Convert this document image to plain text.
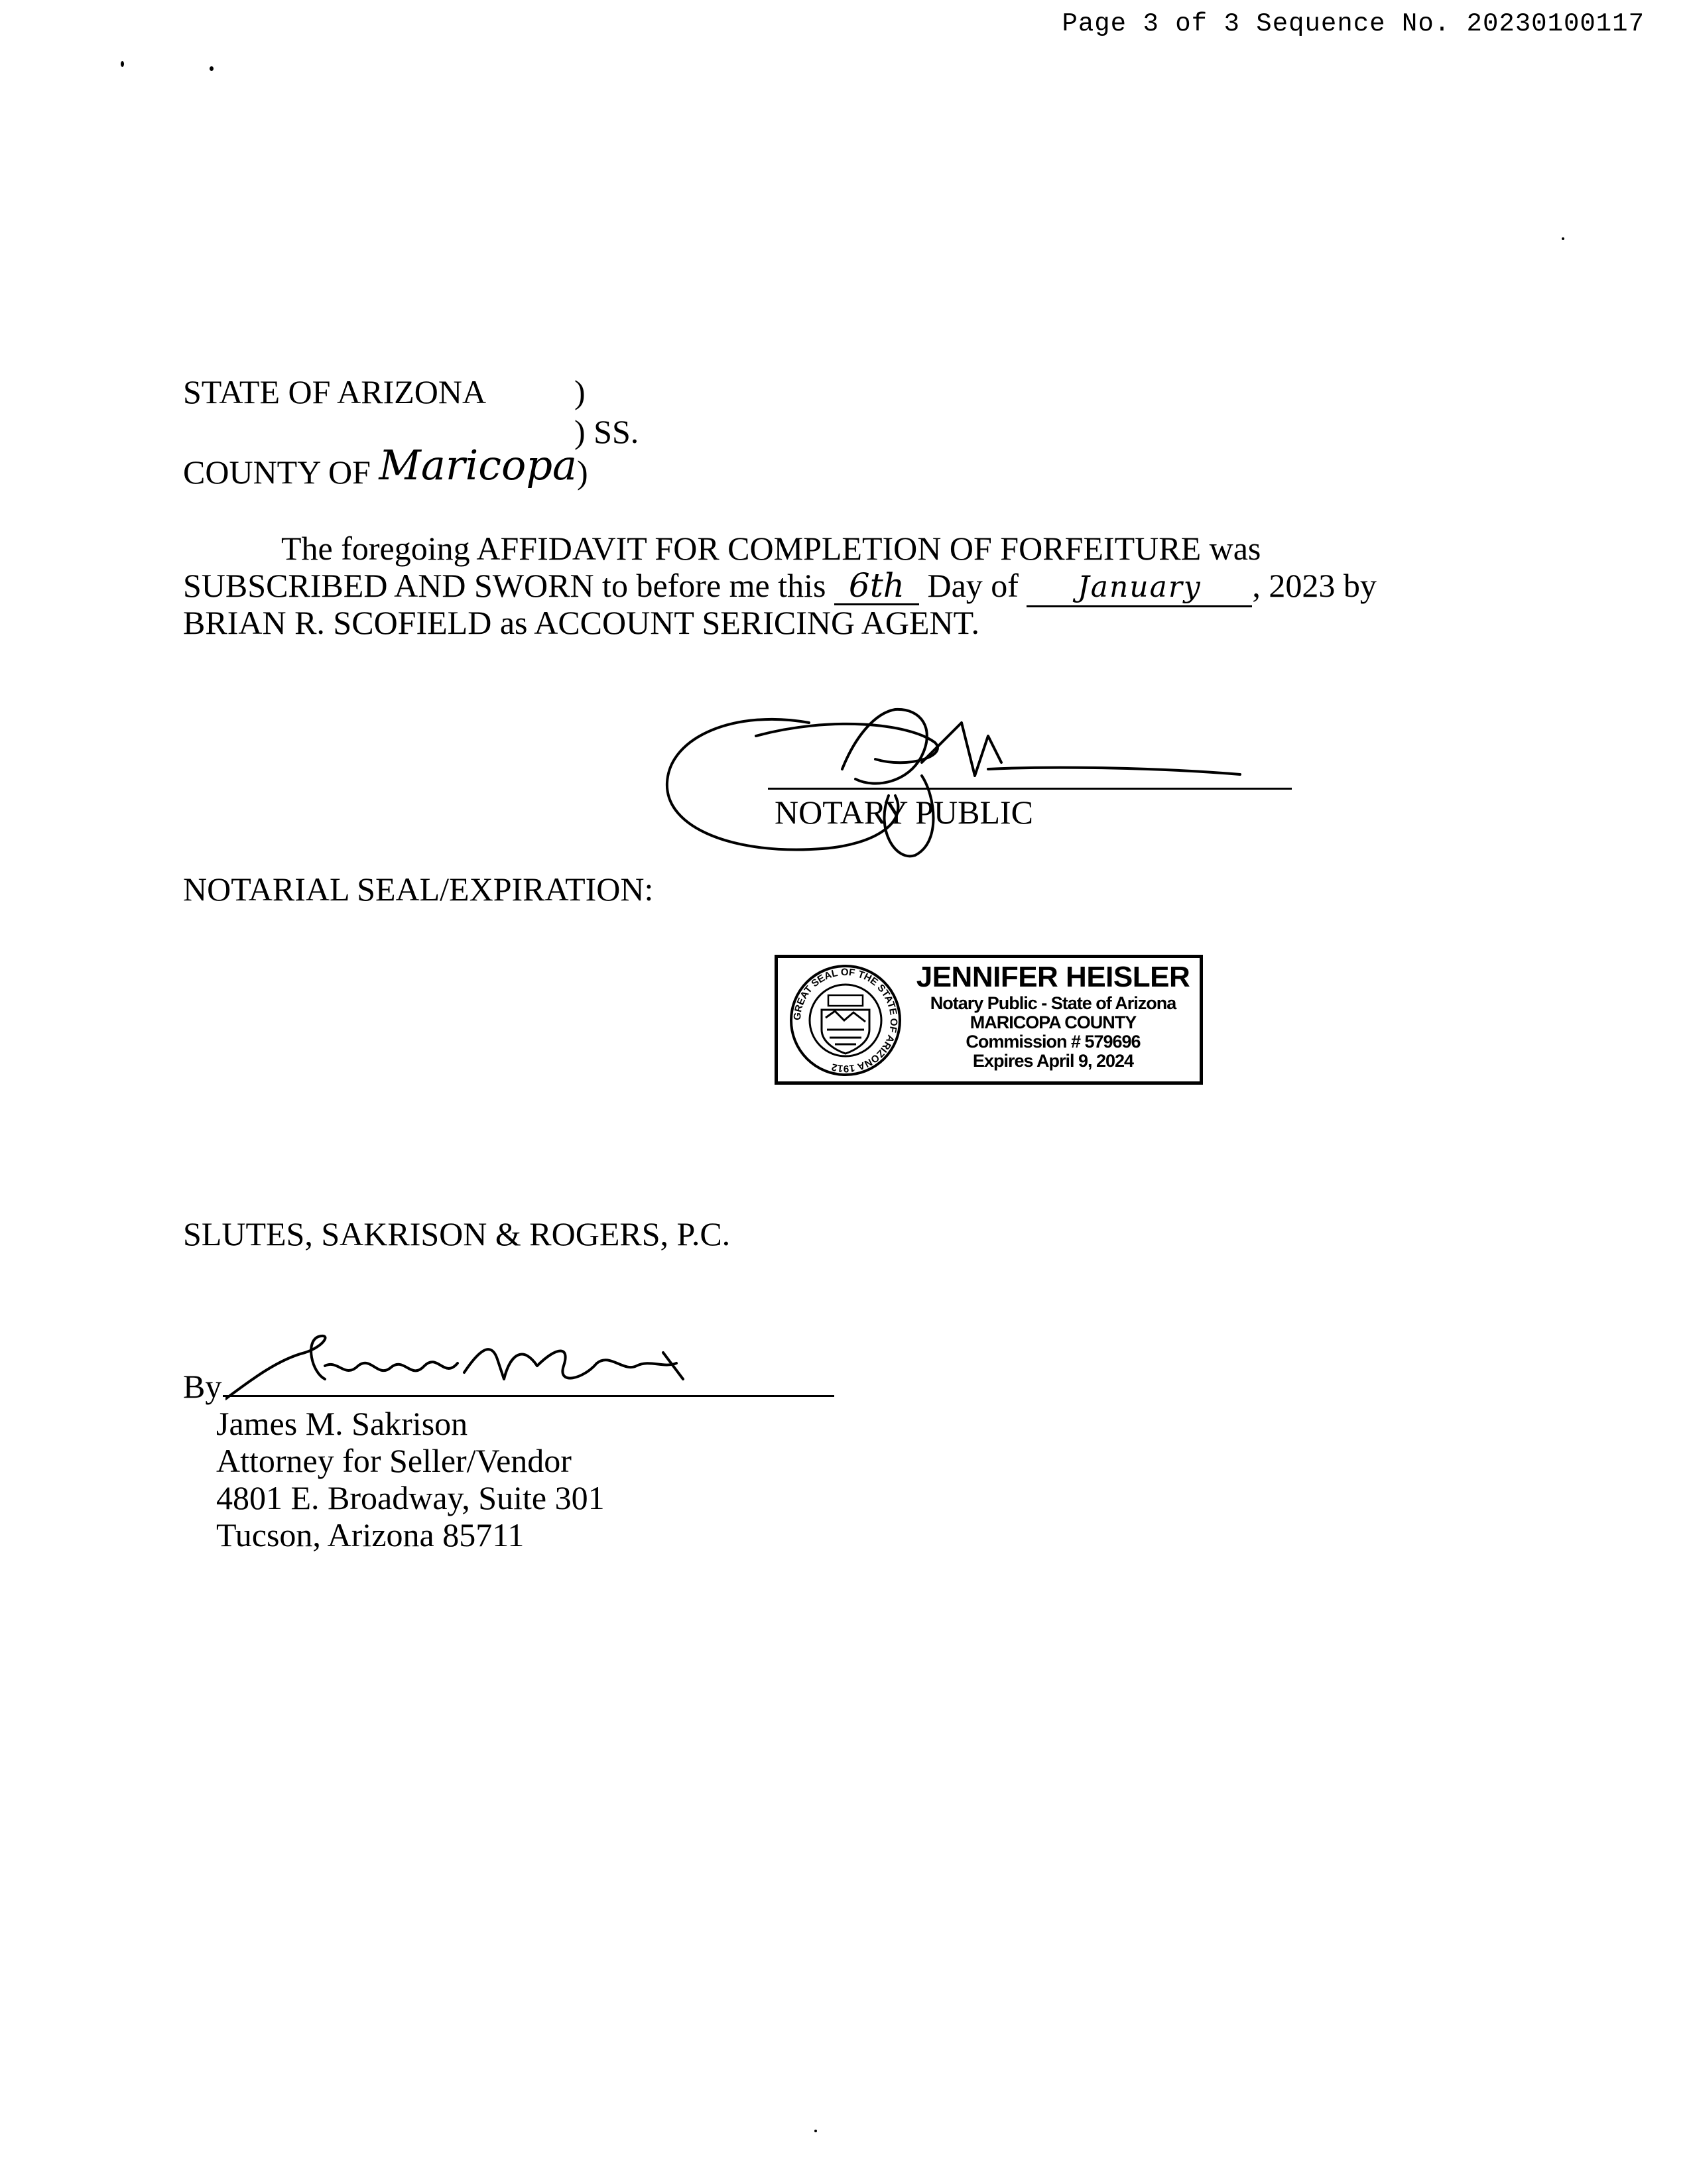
Page 3 of 3 Sequence No. 20230100117
STATE OF ARIZONA	)
) SS.
COUNTY OF Maricopa)
The foregoing AFFIDAVIT FOR COMPLETION OF FORFEITURE was
SUBSCRIBED AND SWORN to before me this 6th Day of January , 2023 by
BRIAN R. SCOFIELD as ACCOUNT SERICING AGENT.
NOTARY PUBLIC
NOTARIAL SEAL/EXPIRATION:
GREAT SEAL OF THE STATE OF ARIZONA 1912
JENNIFER HEISLER
Notary Public - State of Arizona
MARICOPA COUNTY
Commission # 579696
Expires April 9, 2024
SLUTES, SAKRISON & ROGERS, P.C.
By
James M. Sakrison
Attorney for Seller/Vendor
4801 E. Broadway, Suite 301
Tucson, Arizona 85711
